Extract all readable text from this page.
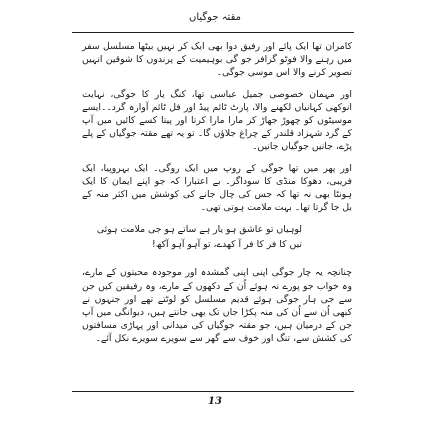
مقتہ جوگیاں

کامران تھا ایک پائے اور رفیق دوا بھی ایک کر نہیں بیٹھا مسلسل سفر میں رہنے والا فوٹو گرافر جو گی بوہیمیت کے پرندوں کا شوقین انہیں تصویر کرنے والا اس موسی جوگی۔

اور مہمان خصوصی جمیل عباسی تھا، کنگ یار کا جوگی، نہایت انوکھی کہانیاں لکھنے والا، پارٹ ٹائم پیڈ اور فل ٹائم آوارہ گرد۔۔ایسے موسیٹوں کو چھوڑ جھاڑ کر مارا مارا کرتا اور پیتا کسے کائیں میں آپ کے گرد شہزاد قلندر کے چراغ جلاؤں گا۔ تو یہ تھے مقتہ جوگیاں کے پلے پڑے، جانیں جوگیاں جانیں۔

اور پھر میں تھا جوگی کے روپ میں ایک روگی۔ ایک بہروپیا، ایک فریبی، دھوکا منڈی کا سوداگر۔ بے اعتبارا کہ جو اپنے ایمان کا ایک ہونٹا بھی نہ تھا کہ جس کی چال جانے کی کوشش میں اکثر منہ کے بل جا گرتا تھا۔ بہت ملامت ہوتی تھی۔

لوہیاں تو عاشق ہو یار ہے ساتے ہو جی ملامت ہوئی
تیں کا فر کا فر آ کھدے، تو آہو آہو آکھ!

چنانچہ یہ چار جوگی اپنی اپنی گمشدہ اور موجودہ محبتوں کے مارے، وہ خواب جو پورے نہ ہوئے اُن کے دکھوں کے مارے، وہ رفیقین کیں جن سے جی ہار جوگی ہوئے قدیم مسلسل کو لوٹتے تھے اور جنہوں نے کبھی اُن سے اُن کی منہ پکڑا جاں تک بھی جانتے ہیں، دیوانگی میں آپ جن کے درمیان ہیں، جو مقتہ جوگیاں کی میدانی اور پہاڑی مسافتوں کی کشش سے، تنگ اور خوف سے گھر سے سویرے سویرے نکل آئے۔

13
